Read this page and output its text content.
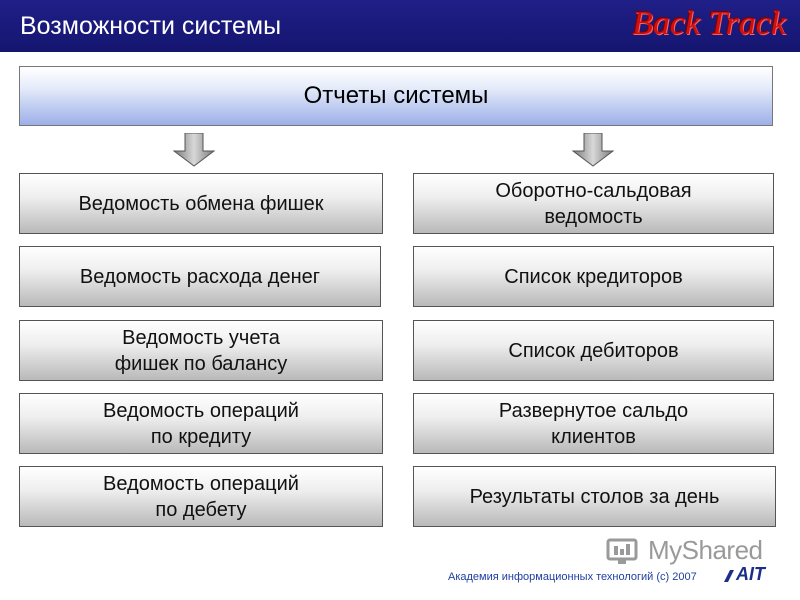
Возможности системы	Back Track
Отчеты системы
Ведомость обмена фишек
Ведомость расхода денег
Ведомость учета
фишек по балансу
Ведомость операций
по кредиту
Ведомость операций
по дебету
Оборотно-сальдовая
ведомость
Список кредиторов
Список дебиторов
Развернутое сальдо
клиентов
Результаты столов за день
MyShared
Академия информационных технологий (с) 2007 AIT
